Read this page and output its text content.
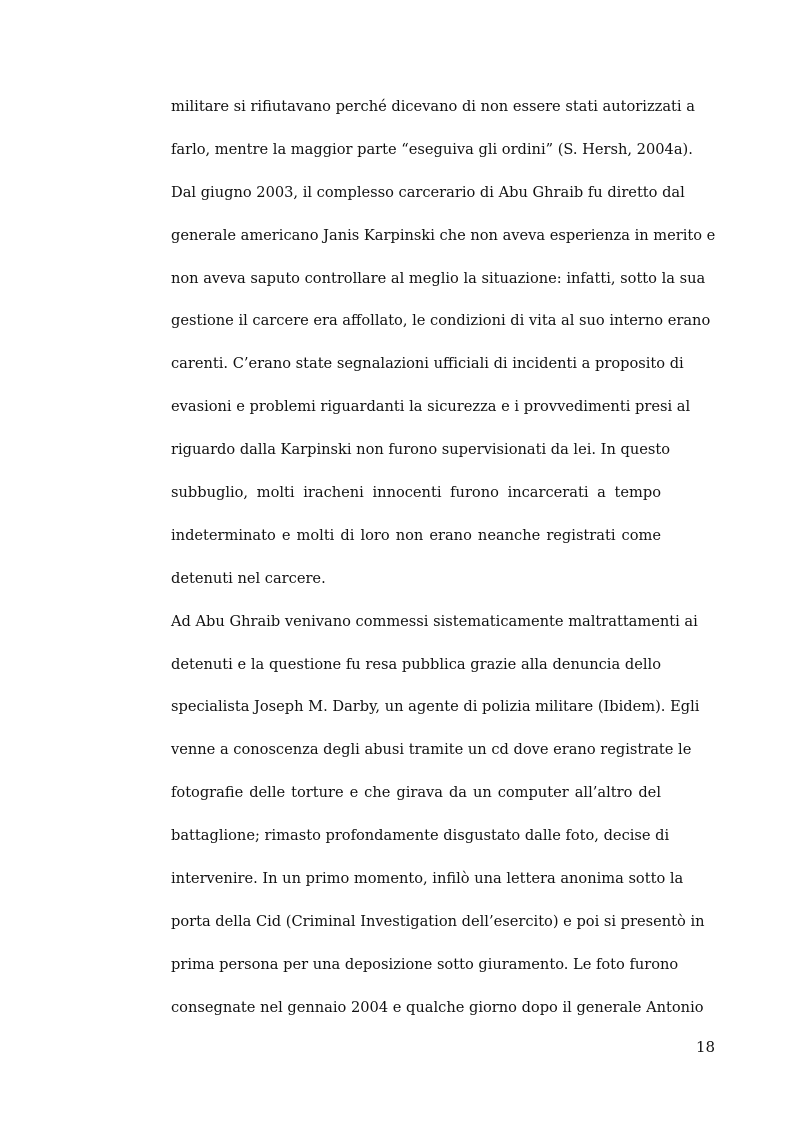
militare si rifiutavano perché dicevano di non essere stati autorizzati a
farlo, mentre la maggior parte “eseguiva gli ordini” (S. Hersh, 2004a).
Dal giugno 2003, il complesso carcerario di Abu Ghraib fu diretto dal
generale americano Janis Karpinski che non aveva esperienza in merito e
non aveva saputo controllare al meglio la situazione: infatti, sotto la sua
gestione il carcere era affollato, le condizioni di vita al suo interno erano
carenti. C’erano state segnalazioni ufficiali di incidenti a proposito di
evasioni e problemi riguardanti la sicurezza e i provvedimenti presi al
riguardo dalla Karpinski non furono supervisionati da lei. In questo
subbuglio, molti iracheni innocenti furono incarcerati a tempo
indeterminato e molti di loro non erano neanche registrati come
detenuti nel carcere.
Ad Abu Ghraib venivano commessi sistematicamente maltrattamenti ai
detenuti e la questione fu resa pubblica grazie alla denuncia dello
specialista Joseph M. Darby, un agente di polizia militare (Ibidem). Egli
venne a conoscenza degli abusi tramite un cd dove erano registrate le
fotografie delle torture e che girava da un computer all’altro del
battaglione; rimasto profondamente disgustato dalle foto, decise di
intervenire. In un primo momento, infilò una lettera anonima sotto la
porta della Cid (Criminal Investigation dell’esercito) e poi si presentò in
prima persona per una deposizione sotto giuramento. Le foto furono
consegnate nel gennaio 2004 e qualche giorno dopo il generale Antonio
18
